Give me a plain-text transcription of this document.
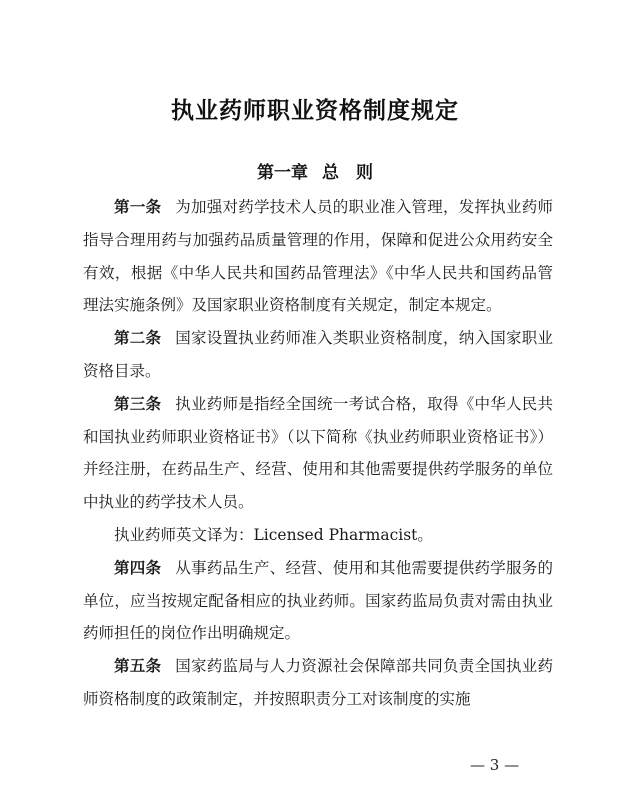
执业药师职业资格制度规定
第一章 总　则

第一条 为加强对药学技术人员的职业准入管理，发挥执业药师指导合理用药与加强药品质量管理的作用，保障和促进公众用药安全有效，根据《中华人民共和国药品管理法》《中华人民共和国药品管理法实施条例》及国家职业资格制度有关规定，制定本规定。

第二条 国家设置执业药师准入类职业资格制度，纳入国家职业资格目录。

第三条 执业药师是指经全国统一考试合格，取得《中华人民共和国执业药师职业资格证书》（以下简称《执业药师职业资格证书》）并经注册，在药品生产、经营、使用和其他需要提供药学服务的单位中执业的药学技术人员。

执业药师英文译为：Licensed Pharmacist。

第四条 从事药品生产、经营、使用和其他需要提供药学服务的单位，应当按规定配备相应的执业药师。国家药监局负责对需由执业药师担任的岗位作出明确规定。

第五条 国家药监局与人力资源社会保障部共同负责全国执业药师资格制度的政策制定，并按照职责分工对该制度的实施

— 3 —
